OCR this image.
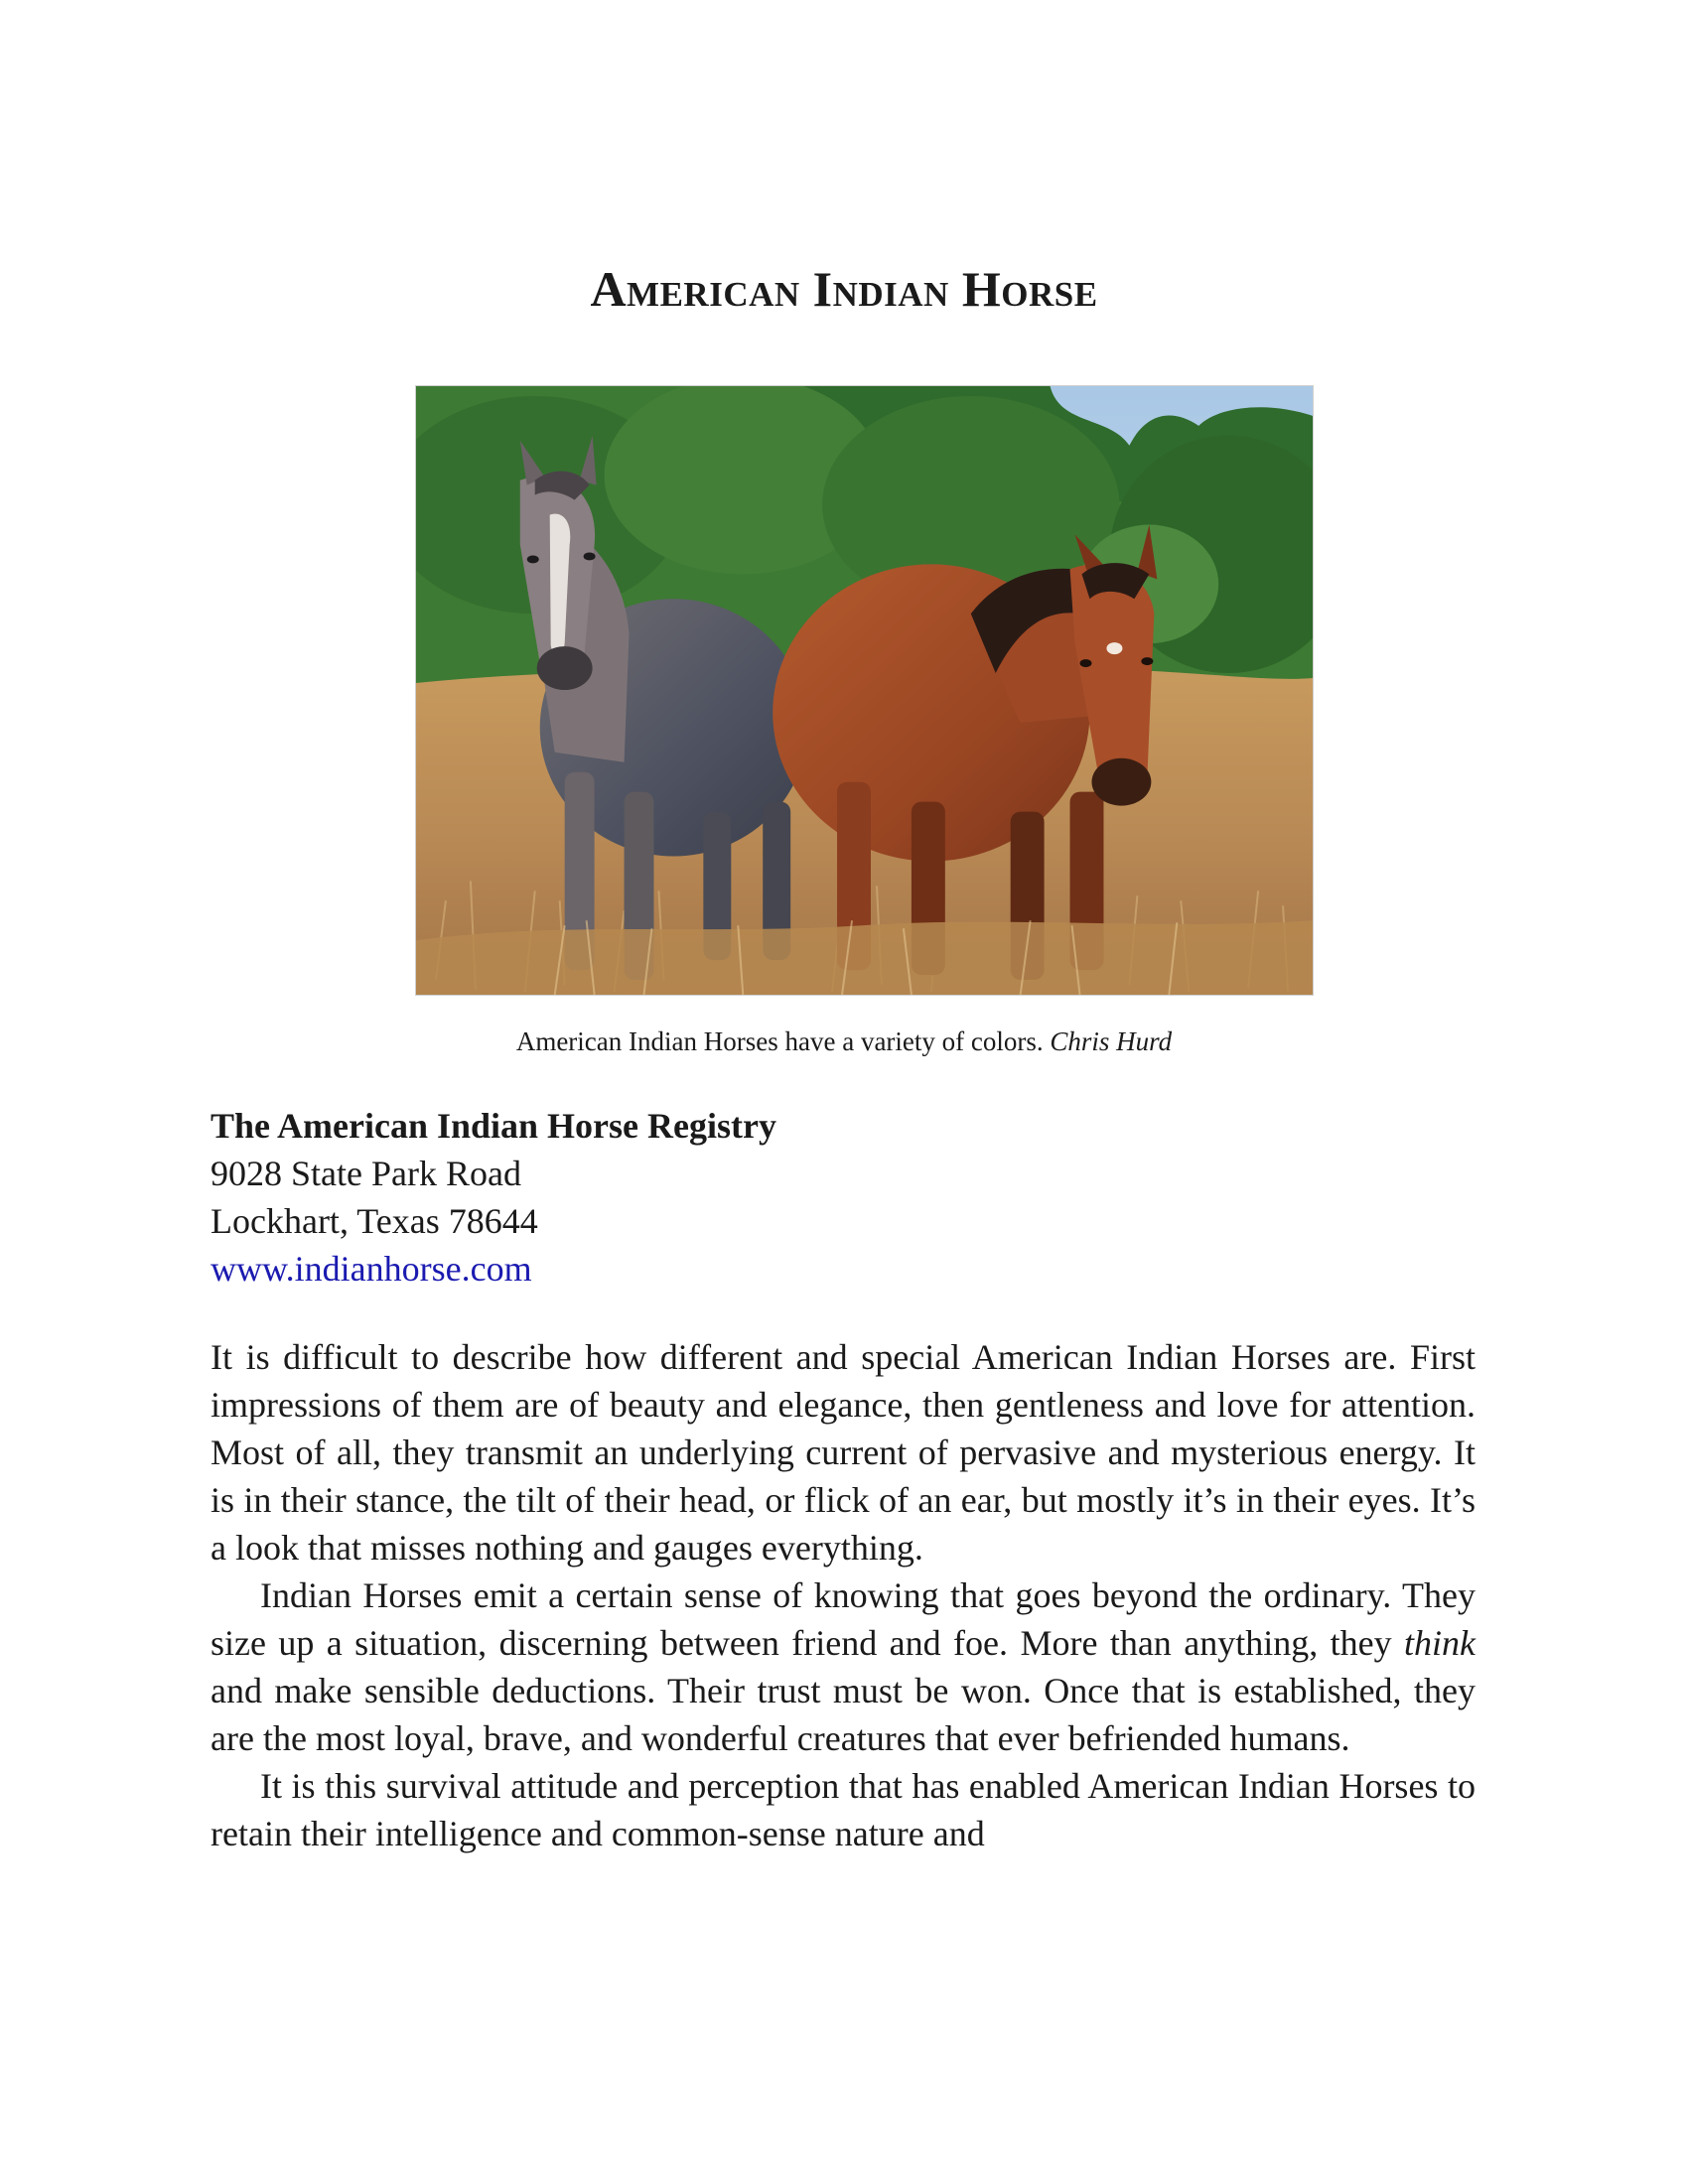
American Indian Horse
American Indian Horses have a variety of colors. Chris Hurd
The American Indian Horse Registry
9028 State Park Road
Lockhart, Texas 78644
www.indianhorse.com

It is difficult to describe how different and special American Indian Horses are. First impressions of them are of beauty and elegance, then gentleness and love for attention. Most of all, they transmit an underlying current of pervasive and mysterious energy. It is in their stance, the tilt of their head, or flick of an ear, but mostly it’s in their eyes. It’s a look that misses nothing and gauges everything.

Indian Horses emit a certain sense of knowing that goes beyond the ordinary. They size up a situation, discerning between friend and foe. More than anything, they think and make sensible deductions. Their trust must be won. Once that is established, they are the most loyal, brave, and wonderful creatures that ever befriended humans.

It is this survival attitude and perception that has enabled American Indian Horses to retain their intelligence and common-sense nature and
